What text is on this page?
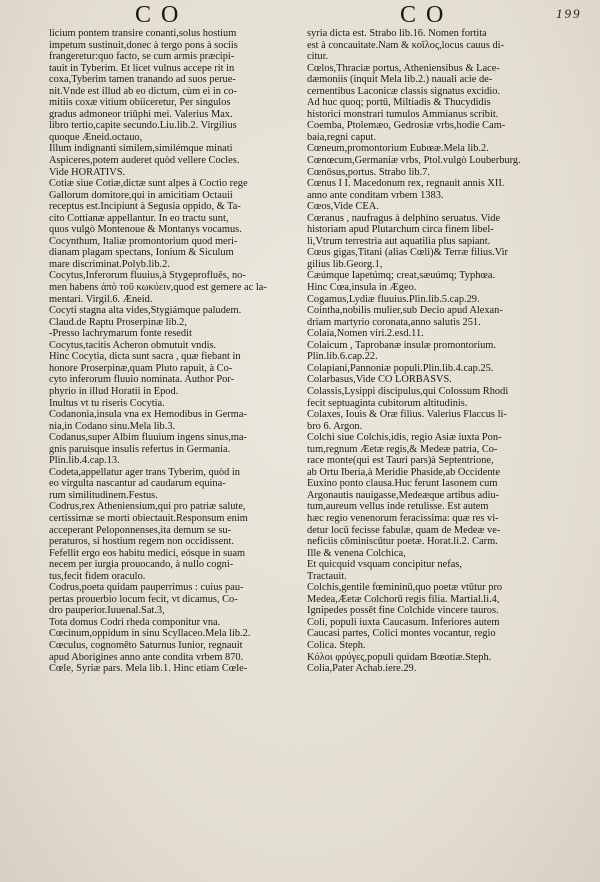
C O	C O	199
licium pontem transire conanti,solus hostium
impetum sustinuit,donec à tergo pons à sociis
frangeretur:quo facto, se cum armis præcipi-
tauit in Tyberim. Et licet vulnus accepe rit in
coxa,Tyberim tamen tranando ad suos perue-
nit.Vnde est illud ab eo dictum, cùm ei in co-
mitiis coxæ vitium obiiceretur, Per singulos
gradus admoneor triūphi mei. Valerius Max.
libro tertio,capite secundo.Liu.lib.2. Virgilius
quoque Æneid.octauo,
Illum indignanti similem,similémque minati
Aspiceres,potem auderet quòd vellere Cocles.
Vide HORATIVS.
Cotiæ siue Cotiæ,dictæ sunt alpes à Coctio rege
Gallorum domitore,qui in amicitiam Octauii
receptus est.Incipiunt à Segusia oppido, & Ta-
cito Cottianæ appellantur. In eo tractu sunt,
quos vulgò Montenoue & Montanys vocamus.
Cocynthum, Italiæ promontorium quod meri-
dianam plagam spectans, Ionium & Siculum
mare discriminat.Polyb.lib.2.
Cocytus,Inferorum fluuius,à Stygeprofluēs, no-
men habens ἀπὸ τοῦ κωκύειν,quod est gemere ac la-
mentari. Virgil.6. Æneid.
Cocyti stagna alta vides,Stygiámque paludem.
Claud.de Raptu Proserpinæ lib.2,
-Presso lachrymarum fonte resedit
Cocytus,tacitis Acheron obmutuit vndis.
Hinc Cocytia, dicta sunt sacra , quæ fiebant in
honore Proserpinæ,quam Pluto rapuit, à Co-
cyto inferorum fluuio nominata. Author Por-
phyrio in illud Horatii in Epod.
Inultus vt tu riseris Cocytia.
Codanonia,insula vna ex Hemodibus in Germa-
nia,in Codano sinu.Mela lib.3.
Codanus,super Albim fluuium ingens sinus,ma-
gnis paruisque insulis refertus in Germania.
Plin.lib.4.cap.13.
Codeta,appellatur ager trans Tyberim, quòd in
eo virgulta nascantur ad caudarum equina-
rum similitudinem.Festus.
Codrus,rex Atheniensium,qui pro patriæ salute,
certissimæ se morti obiectauit.Responsum enim
acceperant Peloponnenses,ita demum se su-
peraturos, si hostium regem non occidissent.
Fefellit ergo eos habitu medici, eósque in suam
necem per iurgia prouocando, à nullo cogni-
tus,fecit fidem oraculo.
Codrus,poeta quidam pauperrimus : cuius pau-
pertas prouerbio locum fecit, vt dicamus, Co-
dro pauperior.Iuuenal.Sat.3,
Tota domus Codri rheda componitur vna.
Cœcinum,oppidum in sinu Scyllaceo.Mela lib.2.
Cœculus, cognomēto Saturnus Iunior, regnauit
apud Aborigines anno ante condita vrbem 870.
Cœle, Syriæ pars. Mela lib.1. Hinc etiam Cœle-
syria dicta est. Strabo lib.16. Nomen fortita
est à concauitate.Nam & κοῖλος,locus cauus di-
citur.
Cœlos,Thraciæ portus, Atheniensibus & Lace-
dæmoniis (inquit Mela lib.2.) nauali acie de-
cernentibus Laconicæ classis signatus excidio.
Ad huc quoq; portū, Miltiadis & Thucydidis
historici monstrari tumulos Ammianus scribit.
Coemba, Ptolemæo, Gedrosiæ vrbs,hodie Cam-
baia,regni caput.
Cœneum,promontorium Eubœæ.Mela lib.2.
Cœnœcum,Germaniæ vrbs, Ptol.vulgò Louberburg.
Cœnōsus,portus. Strabo lib.7.
Cœnus I I. Macedonum rex, regnauit annis XII.
anno ante conditam vrbem 1383.
Cœos,Vide CEA.
Cœranus , naufragus à delphino seruatus. Vide
historiam apud Plutarchum circa finem libel-
li,Vtrum terrestria aut aquatilia plus sapiant.
Cœus gigas,Titani (alias Cœli)& Terræ filius.Vir
gilius lib.Georg.1,
Cæúmque Iapetúmq; creat,sæuúmq; Typhœa.
Hinc Cœa,insula in Ægeo.
Cogamus,Lydiæ fluuius.Plin.lib.5.cap.29.
Cointha,nobilis mulier,sub Decio apud Alexan-
driam martyrio coronata,anno salutis 251.
Colaia,Nomen viri.2.esd.11.
Colaicum , Taprobanæ insulæ promontorium.
Plin.lib.6.cap.22.
Colapiani,Pannoniæ populi.Plin.lib.4.cap.25.
Colarbasus,Vide CO LORBASVS.
Colassis,Lysippi discipulus,qui Colossum Rhodi
fecit septuaginta cubitorum altitudinis.
Colaxes, Iouis & Oræ filius. Valerius Flaccus li-
bro 6. Argon.
Colchi siue Colchis,idis, regio Asiæ iuxta Pon-
tum,regnum Æetæ regis,& Medeæ patria, Co-
race monte(qui est Tauri pars)à Septentrione,
ab Ortu Iberia,à Meridie Phaside,ab Occidente
Euxino ponto clausa.Huc ferunt Iasonem cum
Argonautis nauigasse,Medeæque artibus adiu-
tum,aureum vellus inde retulisse. Est autem
hæc regio venenorum feracissima: quæ res vi-
detur locū fecisse fabulæ, quam de Medeæ ve-
neficiis cōminiscūtur poetæ. Horat.li.2. Carm.
Ille & venena Colchica,
Et quicquid vsquam concipitur nefas,
Tractauit.
Colchis,gentile fœmininū,quo poetæ vtūtur pro
Medea,Æetæ Colchorū regis filia. Martial.li.4,
Ignipedes possēt fine Colchide vincere tauros.
Coli, populi iuxta Caucasum. Inferiores autem
Caucasi partes, Colici montes vocantur, regio
Colica. Steph.
Κόλοι φρύγες,populi quidam Bœotiæ.Steph.
Colia,Pater Achab.iere.29.
